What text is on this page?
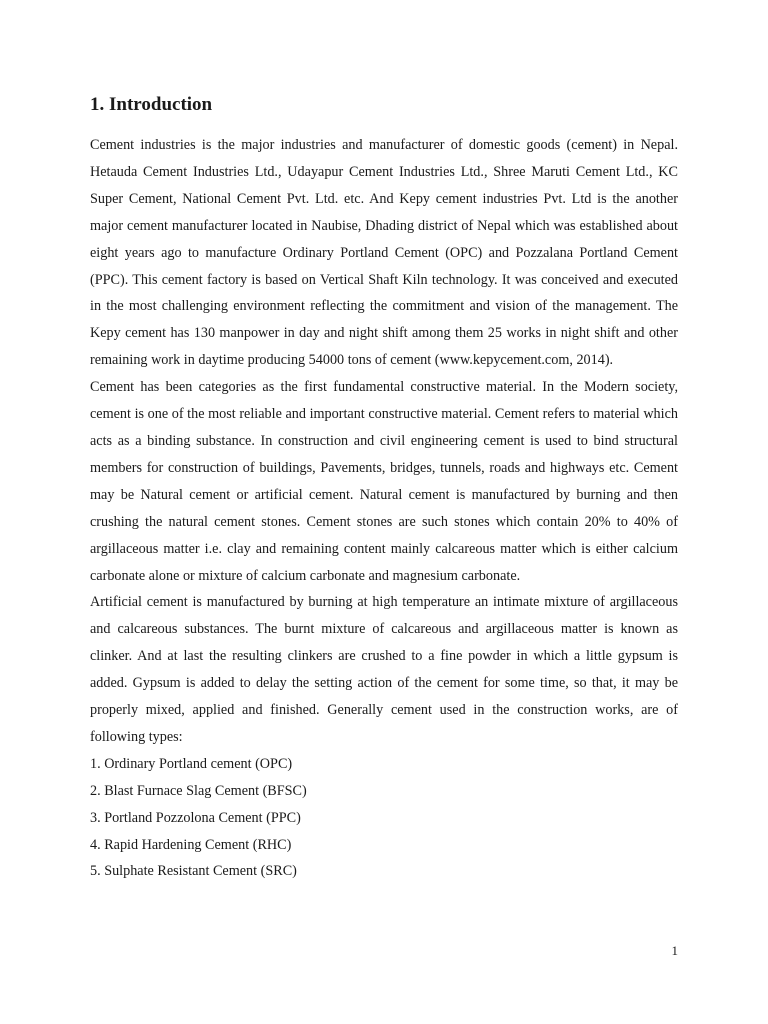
1. Introduction

Cement industries is the major industries and manufacturer of domestic goods (cement) in Nepal. Hetauda Cement Industries Ltd., Udayapur Cement Industries Ltd., Shree Maruti Cement Ltd., KC Super Cement, National Cement Pvt. Ltd. etc. And Kepy cement industries Pvt. Ltd is the another major cement manufacturer located in Naubise, Dhading district of Nepal which was established about eight years ago to manufacture Ordinary Portland Cement (OPC) and Pozzalana Portland Cement (PPC). This cement factory is based on Vertical Shaft Kiln technology. It was conceived and executed in the most challenging environment reflecting the commitment and vision of the management. The Kepy cement has 130 manpower in day and night shift among them 25 works in night shift and other remaining work in daytime producing 54000 tons of cement (www.kepycement.com, 2014).

Cement has been categories as the first fundamental constructive material. In the Modern society, cement is one of the most reliable and important constructive material. Cement refers to material which acts as a binding substance. In construction and civil engineering cement is used to bind structural members for construction of buildings, Pavements, bridges, tunnels, roads and highways etc. Cement may be Natural cement or artificial cement. Natural cement is manufactured by burning and then crushing the natural cement stones. Cement stones are such stones which contain 20% to 40% of argillaceous matter i.e. clay and remaining content mainly calcareous matter which is either calcium carbonate alone or mixture of calcium carbonate and magnesium carbonate.

Artificial cement is manufactured by burning at high temperature an intimate mixture of argillaceous and calcareous substances. The burnt mixture of calcareous and argillaceous matter is known as clinker. And at last the resulting clinkers are crushed to a fine powder in which a little gypsum is added. Gypsum is added to delay the setting action of the cement for some time, so that, it may be properly mixed, applied and finished. Generally cement used in the construction works, are of following types:

1. Ordinary Portland cement (OPC)
2. Blast Furnace Slag Cement (BFSC)
3. Portland Pozzolona Cement (PPC)
4. Rapid Hardening Cement (RHC)
5. Sulphate Resistant Cement (SRC)
1
